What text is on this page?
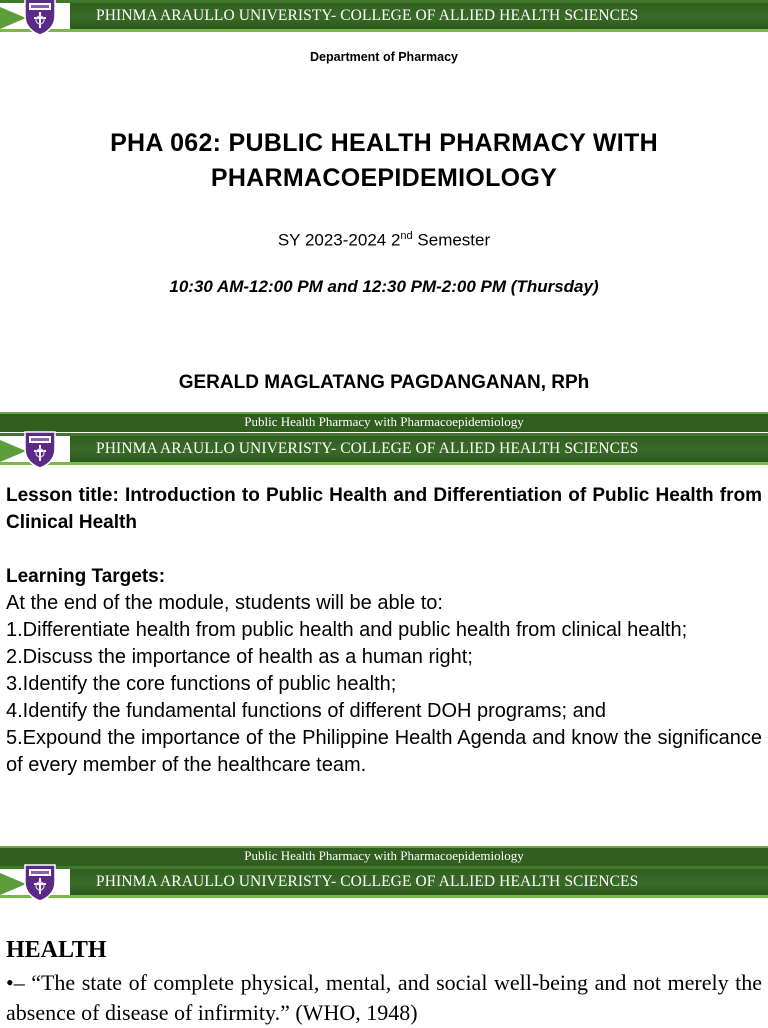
PHINMA ARAULLO UNIVERISTY- COLLEGE OF ALLIED HEALTH SCIENCES
Department of Pharmacy
PHA 062: PUBLIC HEALTH PHARMACY WITH PHARMACOEPIDEMIOLOGY
SY 2023-2024 2nd Semester
10:30 AM-12:00 PM and 12:30 PM-2:00 PM (Thursday)
GERALD MAGLATANG PAGDANGANAN, RPh
Public Health Pharmacy with Pharmacoepidemiology
PHINMA ARAULLO UNIVERISTY- COLLEGE OF ALLIED HEALTH SCIENCES
Lesson title: Introduction to Public Health and Differentiation of Public Health from Clinical Health
Learning Targets:
At the end of the module, students will be able to:
1.Differentiate health from public health and public health from clinical health;
2.Discuss the importance of health as a human right;
3.Identify the core functions of public health;
4.Identify the fundamental functions of different DOH programs; and
5.Expound the importance of the Philippine Health Agenda and know the significance of every member of the healthcare team.
Public Health Pharmacy with Pharmacoepidemiology
PHINMA ARAULLO UNIVERISTY- COLLEGE OF ALLIED HEALTH SCIENCES
HEALTH
•– “The state of complete physical, mental, and social well-being and not merely the absence of disease of infirmity.” (WHO, 1948)
